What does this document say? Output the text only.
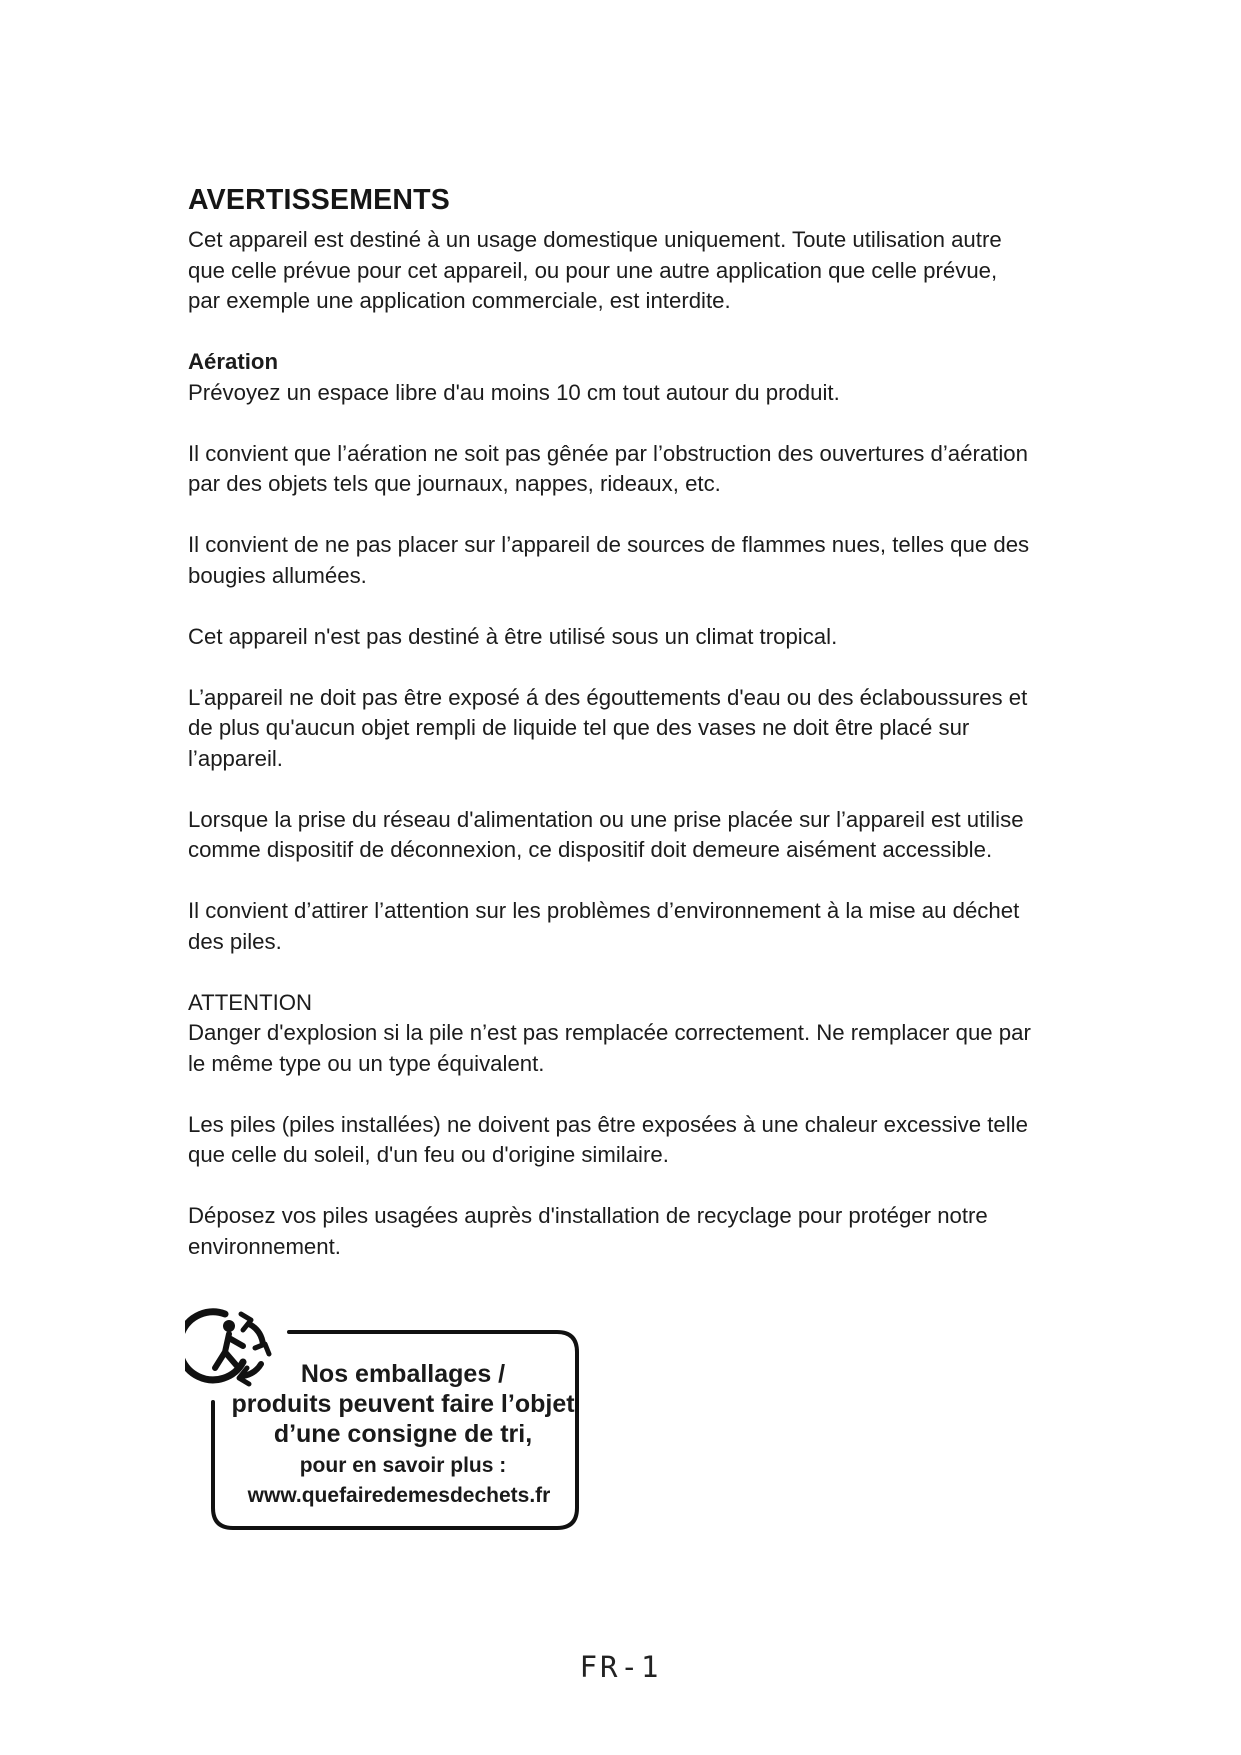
AVERTISSEMENTS

Cet appareil est destiné à un usage domestique uniquement. Toute utilisation autre
que celle prévue pour cet appareil, ou pour une autre application que celle prévue,
par exemple une application commerciale, est interdite.

Aération
Prévoyez un espace libre d'au moins 10 cm tout autour du produit.

Il convient que l’aération ne soit pas gênée par l’obstruction des ouvertures d’aération
par des objets tels que journaux, nappes, rideaux, etc.

Il convient de ne pas placer sur l’appareil de sources de flammes nues, telles que des
bougies allumées.

Cet appareil n'est pas destiné à être utilisé sous un climat tropical.

L’appareil ne doit pas être exposé á des égouttements d'eau ou des éclaboussures et
de plus qu'aucun objet rempli de liquide tel que des vases ne doit être placé sur
l’appareil.

Lorsque la prise du réseau d'alimentation ou une prise placée sur l’appareil est utilise
comme dispositif de déconnexion, ce dispositif doit demeure aisément accessible.

Il convient d’attirer l’attention sur les problèmes d’environnement à la mise au déchet
des piles.

ATTENTION
Danger d'explosion si la pile n’est pas remplacée correctement. Ne remplacer que par
le même type ou un type équivalent.

Les piles (piles installées) ne doivent pas être exposées à une chaleur excessive telle
que celle du soleil, d'un feu ou d'origine similaire.

Déposez vos piles usagées auprès d'installation de recyclage pour protéger notre
environnement.

Nos emballages /
produits peuvent faire l’objet
d’une consigne de tri,
pour en savoir plus :
www.quefairedemesdechets.fr
FR-1
